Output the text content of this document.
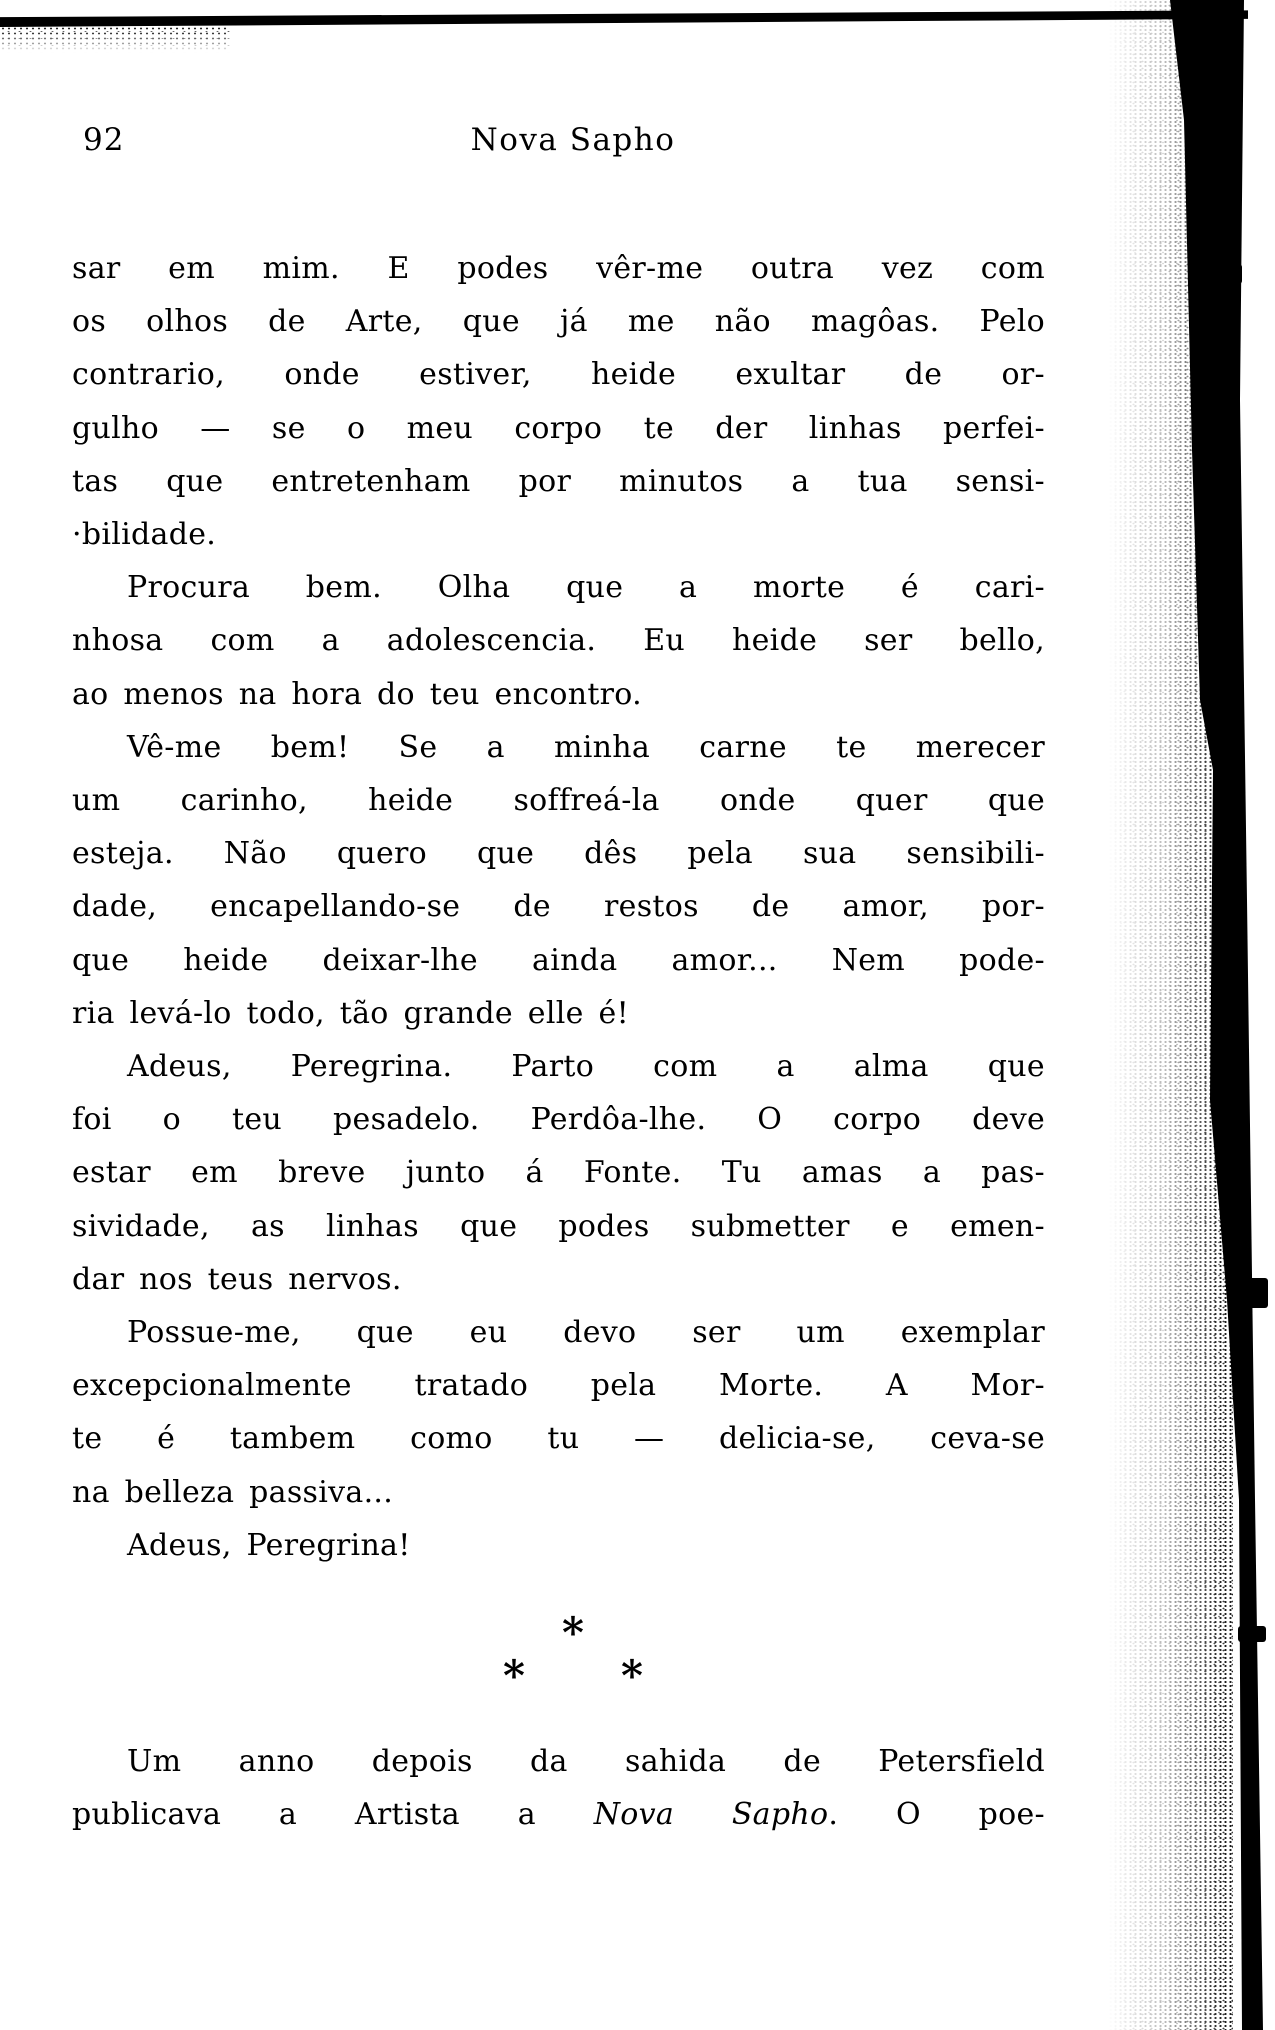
92	Nova Sapho
sar em mim. E podes vêr-me outra vez com
os olhos de Arte, que já me não magôas. Pelo
contrario, onde estiver, heide exultar de or-
gulho — se o meu corpo te der linhas perfei-
tas que entretenham por minutos a tua sensi-
·bilidade.
Procura bem. Olha que a morte é cari-
nhosa com a adolescencia. Eu heide ser bello,
ao menos na hora do teu encontro.
Vê-me bem! Se a minha carne te merecer
um carinho, heide soffreá-la onde quer que
esteja. Não quero que dês pela sua sensibili-
dade, encapellando-se de restos de amor, por-
que heide deixar-lhe ainda amor... Nem pode-
ria levá-lo todo, tão grande elle é!
Adeus, Peregrina. Parto com a alma que
foi o teu pesadelo. Perdôa-lhe. O corpo deve
estar em breve junto á Fonte. Tu amas a pas-
sividade, as linhas que podes submetter e emen-
dar nos teus nervos.
Possue-me, que eu devo ser um exemplar
excepcionalmente tratado pela Morte. A Mor-
te é tambem como tu — delicia-se, ceva-se
na belleza passiva...
Adeus, Peregrina!
*
* *
Um anno depois da sahida de Petersfield
publicava a Artista a Nova Sapho. O poe-
